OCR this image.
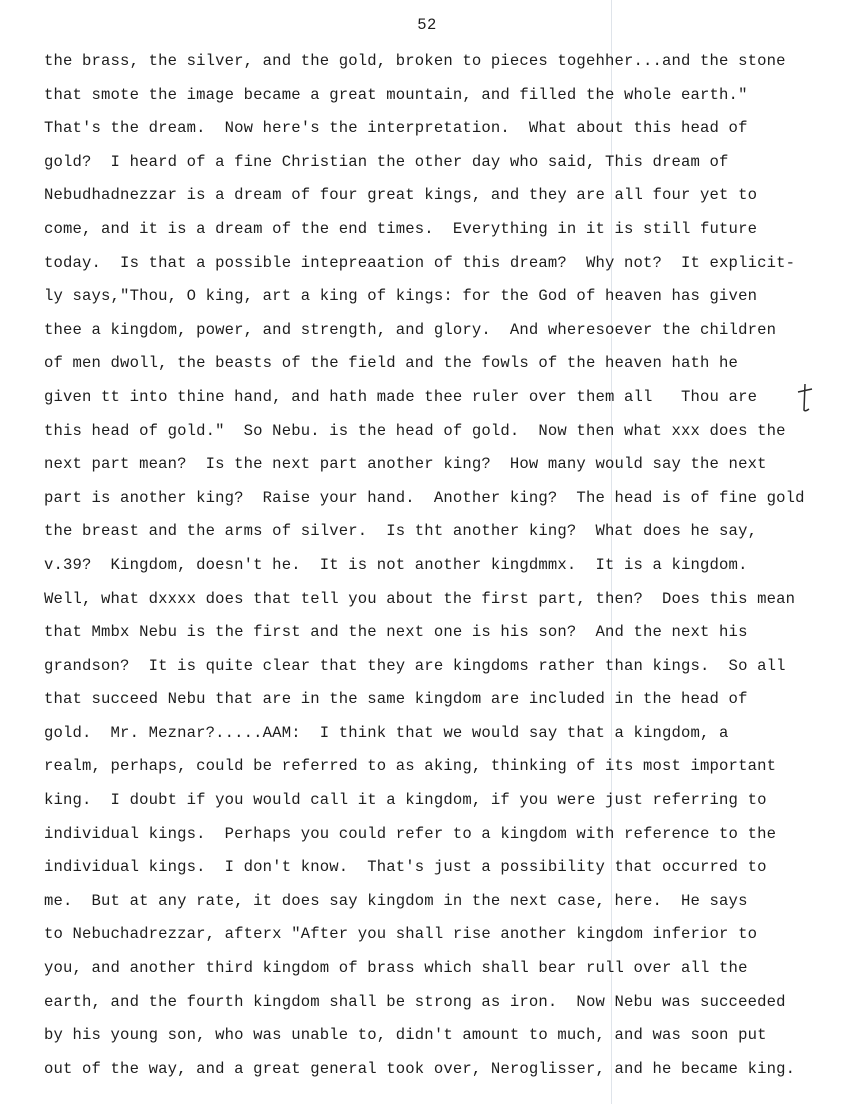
52
the brass, the silver, and the gold, broken to pieces togehher...and the stone
that smote the image became a great mountain, and filled the whole earth."
That's the dream.  Now here's the interpretation.  What about this head of
gold?  I heard of a fine Christian the other day who said, This dream of
Nebudhadnezzar is a dream of four great kings, and they are all four yet to
come, and it is a dream of the end times.  Everything in it is still future
today.  Is that a possible intepreaation of this dream?  Why not?  It explicit-
ly says,"Thou, O king, art a king of kings: for the God of heaven has given
thee a kingdom, power, and strength, and glory.  And wheresoever the children
of men dwoll, the beasts of the field and the fowls of the heaven hath he
given tt into thine hand, and hath made thee ruler over them all   Thou are
this head of gold."  So Nebu. is the head of gold.  Now then what xxx does the
next part mean?  Is the next part another king?  How many would say the next
part is another king?  Raise your hand.  Another king?  The head is of fine gold
the breast and the arms of silver.  Is tht another king?  What does he say,
v.39?  Kingdom, doesn't he.  It is not another kingdmmx.  It is a kingdom.
Well, what dxxxx does that tell you about the first part, then?  Does this mean
that Mmbx Nebu is the first and the next one is his son?  And the next his
grandson?  It is quite clear that they are kingdoms rather than kings.  So all
that succeed Nebu that are in the same kingdom are included in the head of
gold.  Mr. Meznar?.....AAM:  I think that we would say that a kingdom, a
realm, perhaps, could be referred to as aking, thinking of its most important
king.  I doubt if you would call it a kingdom, if you were just referring to
individual kings.  Perhaps you could refer to a kingdom with reference to the
individual kings.  I don't know.  That's just a possibility that occurred to
me.  But at any rate, it does say kingdom in the next case, here.  He says
to Nebuchadrezzar, afterx "After you shall rise another kingdom inferior to
you, and another third kingdom of brass which shall bear rull over all the
earth, and the fourth kingdom shall be strong as iron.  Now Nebu was succeeded
by his young son, who was unable to, didn't amount to much, and was soon put
out of the way, and a great general took over, Neroglisser, and he became king.
